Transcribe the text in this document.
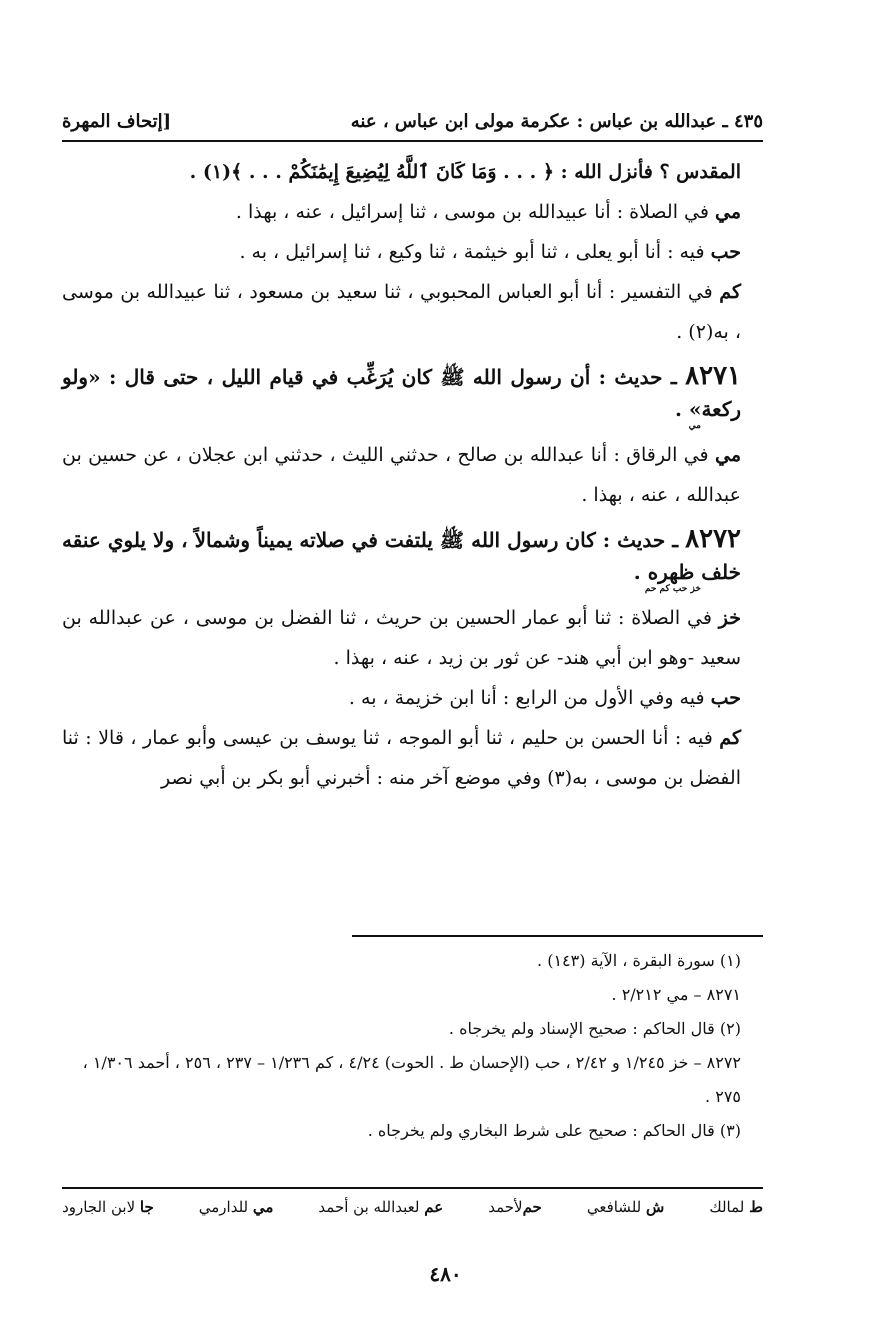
٤٣٥ ـ عبدالله بن عباس : عكرمة مولى ابن عباس ، عنه
[إتحاف المهرة

المقدس ؟ فأنزل الله : ﴿ . . . وَمَا كَانَ ٱللَّهُ لِيُضِيعَ إِيمَٰنَكُمْ . . . ﴾(١) .

مي في الصلاة : أنا عبيدالله بن موسى ، ثنا إسرائيل ، عنه ، بهذا .

حب فيه : أنا أبو يعلى ، ثنا أبو خيثمة ، ثنا وكيع ، ثنا إسرائيل ، به .

كم في التفسير : أنا أبو العباس المحبوبي ، ثنا سعيد بن مسعود ، ثنا عبيدالله بن موسى ، به(٢) .

٨٢٧١ ـ حديث : أن رسول الله ﷺ كان يُرَغِّب في قيام الليل ، حتى قال : «ولو ركعة» .
مي

مي في الرقاق : أنا عبدالله بن صالح ، حدثني الليث ، حدثني ابن عجلان ، عن حسين بن عبدالله ، عنه ، بهذا .

٨٢٧٢ ـ حديث : كان رسول الله ﷺ يلتفت في صلاته يميناً وشمالاً ، ولا يلوي عنقه خلف ظهره .
خز حب كم حم

خز في الصلاة : ثنا أبو عمار الحسين بن حريث ، ثنا الفضل بن موسى ، عن عبدالله بن سعيد -وهو ابن أبي هند- عن ثور بن زيد ، عنه ، بهذا .

حب فيه وفي الأول من الرابع : أنا ابن خزيمة ، به .

كم فيه : أنا الحسن بن حليم ، ثنا أبو الموجه ، ثنا يوسف بن عيسى وأبو عمار ، قالا : ثنا الفضل بن موسى ، به(٣) وفي موضع آخر منه : أخبرني أبو بكر بن أبي نصر

(١) سورة البقرة ، الآية (١٤٣) .

٨٢٧١ – مي ٢/٢١٢ .

(٢) قال الحاكم : صحيح الإسناد ولم يخرجاه .

٨٢٧٢ – خز ١/٢٤٥ و ٢/٤٢ ، حب (الإحسان ط . الحوت) ٤/٢٤ ، كم ١/٢٣٦ – ٢٣٧ ، ٢٥٦ ، أحمد ١/٣٠٦ ، ٢٧٥ .

(٣) قال الحاكم : صحيح على شرط البخاري ولم يخرجاه .

ط لمالك
ش للشافعي
حملأحمد
عم لعبدالله بن أحمد
مي للدارمي
جا لابن الجارود
٤٨٠
